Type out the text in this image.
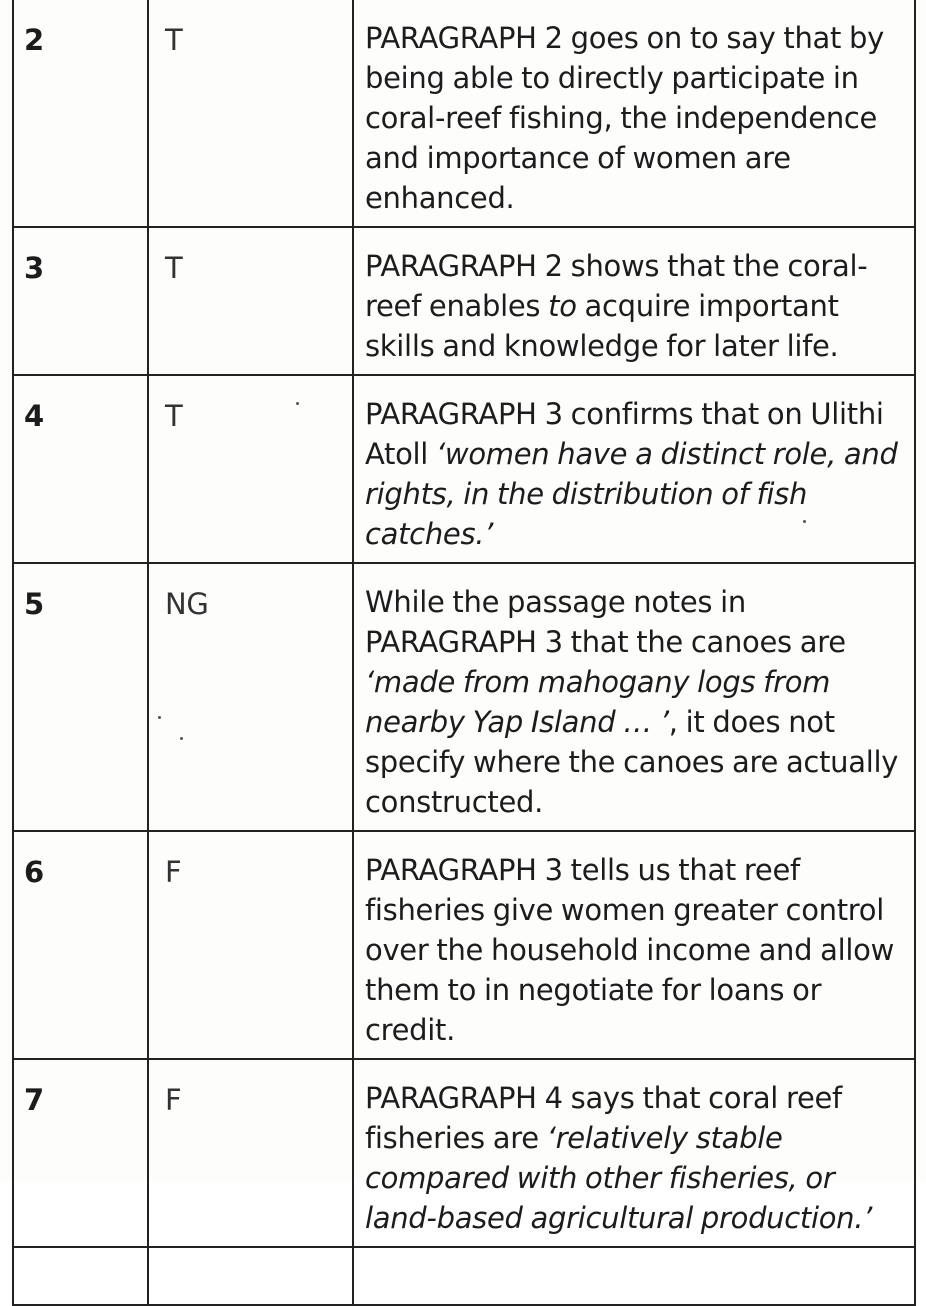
2	T	PARAGRAPH 2 goes on to say that by being able to directly participate in coral-reef fishing, the independence and importance of women are enhanced.
3	T	PARAGRAPH 2 shows that the coral-reef enables to acquire important skills and knowledge for later life.
4	T	PARAGRAPH 3 confirms that on Ulithi Atoll ‘women have a distinct role, and rights, in the distribution of fish catches.’
5	NG	While the passage notes in PARAGRAPH 3 that the canoes are ‘made from mahogany logs from nearby Yap Island … ’, it does not specify where the canoes are actually constructed.
6	F	PARAGRAPH 3 tells us that reef fisheries give women greater control over the household income and allow them to in negotiate for loans or credit.
7	F	PARAGRAPH 4 says that coral reef fisheries are ‘relatively stable compared with other fisheries, or land-based agricultural production.’
